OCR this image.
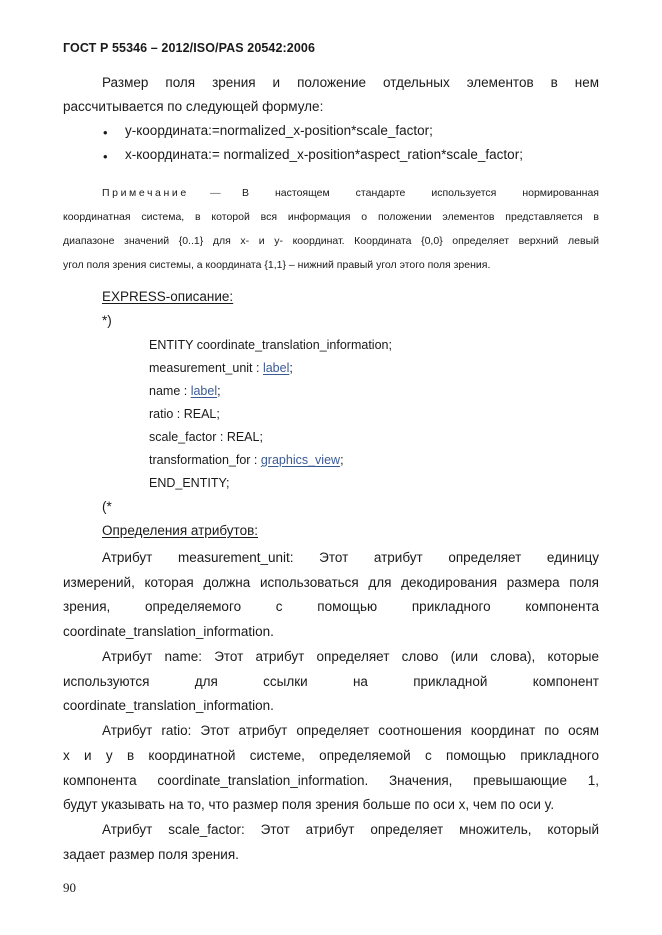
ГОСТ Р 55346 – 2012/ISO/PAS 20542:2006
Размер поля зрения и положение отдельных элементов в нем
рассчитывается по следующей формуле:
• y-координата:=normalized_x-position*scale_factor;
• x-координата:= normalized_x-position*aspect_ration*scale_factor;
Примечание — В настоящем стандарте используется нормированная
координатная система, в которой вся информация о положении элементов представляется в
диапазоне значений {0..1} для x- и y- координат. Координата {0,0} определяет верхний левый
угол поля зрения системы, а координата {1,1} – нижний правый угол этого поля зрения.
EXPRESS-описание:
*)
ENTITY coordinate_translation_information;
measurement_unit : label;
name : label;
ratio : REAL;
scale_factor : REAL;
transformation_for : graphics_view;
END_ENTITY;
(*
Определения атрибутов:
Атрибут measurement_unit: Этот атрибут определяет единицу
измерений, которая должна использоваться для декодирования размера поля
зрения, определяемого с помощью прикладного компонента
coordinate_translation_information.
Атрибут name: Этот атрибут определяет слово (или слова), которые
используются для ссылки на прикладной компонент
coordinate_translation_information.
Атрибут ratio: Этот атрибут определяет соотношения координат по осям
x и y в координатной системе, определяемой с помощью прикладного
компонента coordinate_translation_information. Значения, превышающие 1,
будут указывать на то, что размер поля зрения больше по оси x, чем по оси y.
Атрибут scale_factor: Этот атрибут определяет множитель, который
задает размер поля зрения.
90
